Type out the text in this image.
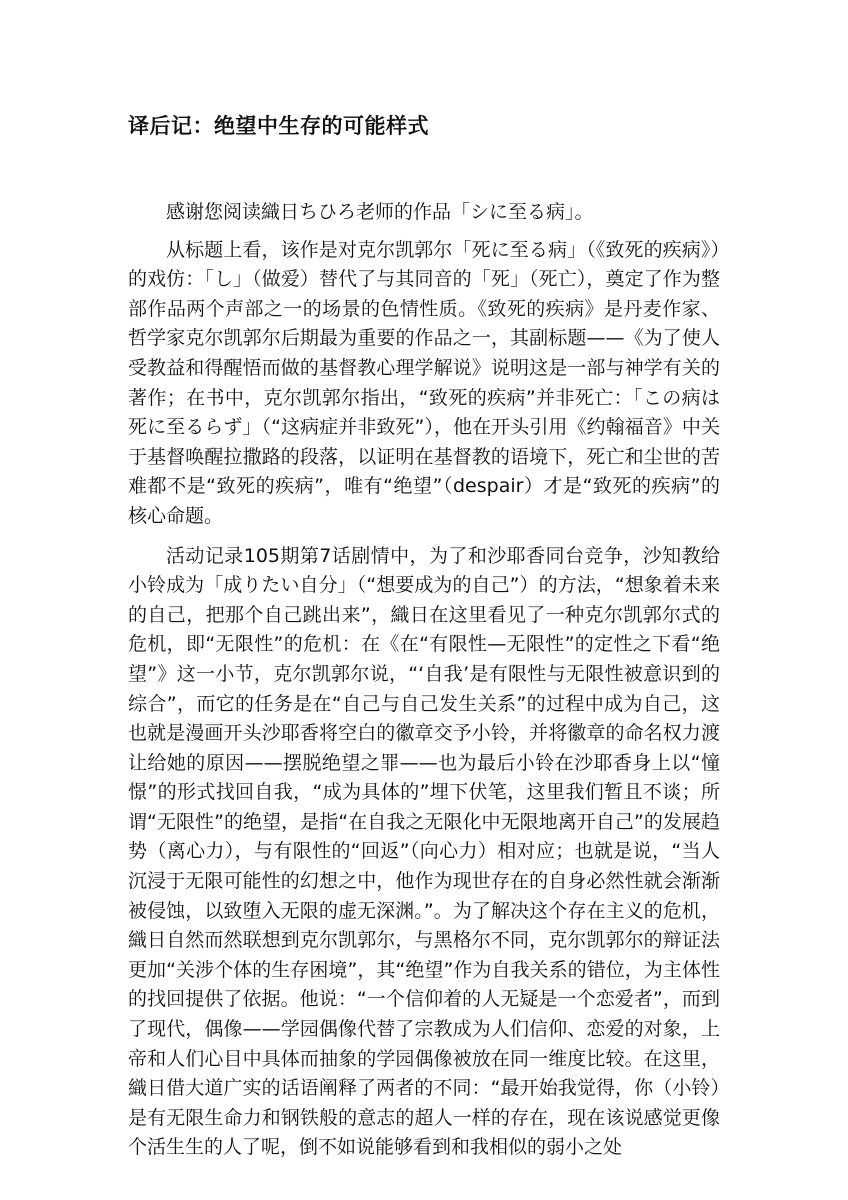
译后记：绝望中生存的可能样式

感谢您阅读織日ちひろ老师的作品「シに至る病」。

从标题上看，该作是对克尔凯郭尔「死に至る病」（《致死的疾病》）的戏仿：「し」（做爱）替代了与其同音的「死」（死亡），奠定了作为整部作品两个声部之一的场景的色情性质。《致死的疾病》是丹麦作家、哲学家克尔凯郭尔后期最为重要的作品之一，其副标题——《为了使人受教益和得醒悟而做的基督教心理学解说》说明这是一部与神学有关的著作；在书中，克尔凯郭尔指出，“致死的疾病”并非死亡：「この病は死に至るらず」（“这病症并非致死”），他在开头引用《约翰福音》中关于基督唤醒拉撒路的段落，以证明在基督教的语境下，死亡和尘世的苦难都不是“致死的疾病”，唯有“绝望”（despair）才是“致死的疾病”的核心命题。

活动记录105期第7话剧情中，为了和沙耶香同台竞争，沙知教给小铃成为「成りたい自分」（“想要成为的自己”）的方法，“想象着未来的自己，把那个自己跳出来”，織日在这里看见了一种克尔凯郭尔式的危机，即“无限性”的危机：在《在“有限性—无限性”的定性之下看“绝望”》这一小节，克尔凯郭尔说，“‘自我’是有限性与无限性被意识到的综合”，而它的任务是在“自己与自己发生关系”的过程中成为自己，这也就是漫画开头沙耶香将空白的徽章交予小铃，并将徽章的命名权力渡让给她的原因——摆脱绝望之罪——也为最后小铃在沙耶香身上以“憧憬”的形式找回自我，“成为具体的”埋下伏笔，这里我们暂且不谈；所谓“无限性”的绝望，是指“在自我之无限化中无限地离开自己”的发展趋势（离心力），与有限性的“回返”（向心力）相对应；也就是说，“当人沉浸于无限可能性的幻想之中，他作为现世存在的自身必然性就会渐渐被侵蚀，以致堕入无限的虚无深渊。”。为了解决这个存在主义的危机，織日自然而然联想到克尔凯郭尔，与黑格尔不同，克尔凯郭尔的辩证法更加“关涉个体的生存困境”，其“绝望”作为自我关系的错位，为主体性的找回提供了依据。他说：“一个信仰着的人无疑是一个恋爱者”，而到了现代，偶像——学园偶像代替了宗教成为人们信仰、恋爱的对象，上帝和人们心目中具体而抽象的学园偶像被放在同一维度比较。在这里，織日借大道广实的话语阐释了两者的不同：“最开始我觉得，你（小铃）是有无限生命力和钢铁般的意志的超人一样的存在，现在该说感觉更像个活生生的人了呢，倒不如说能够看到和我相似的弱小之处
